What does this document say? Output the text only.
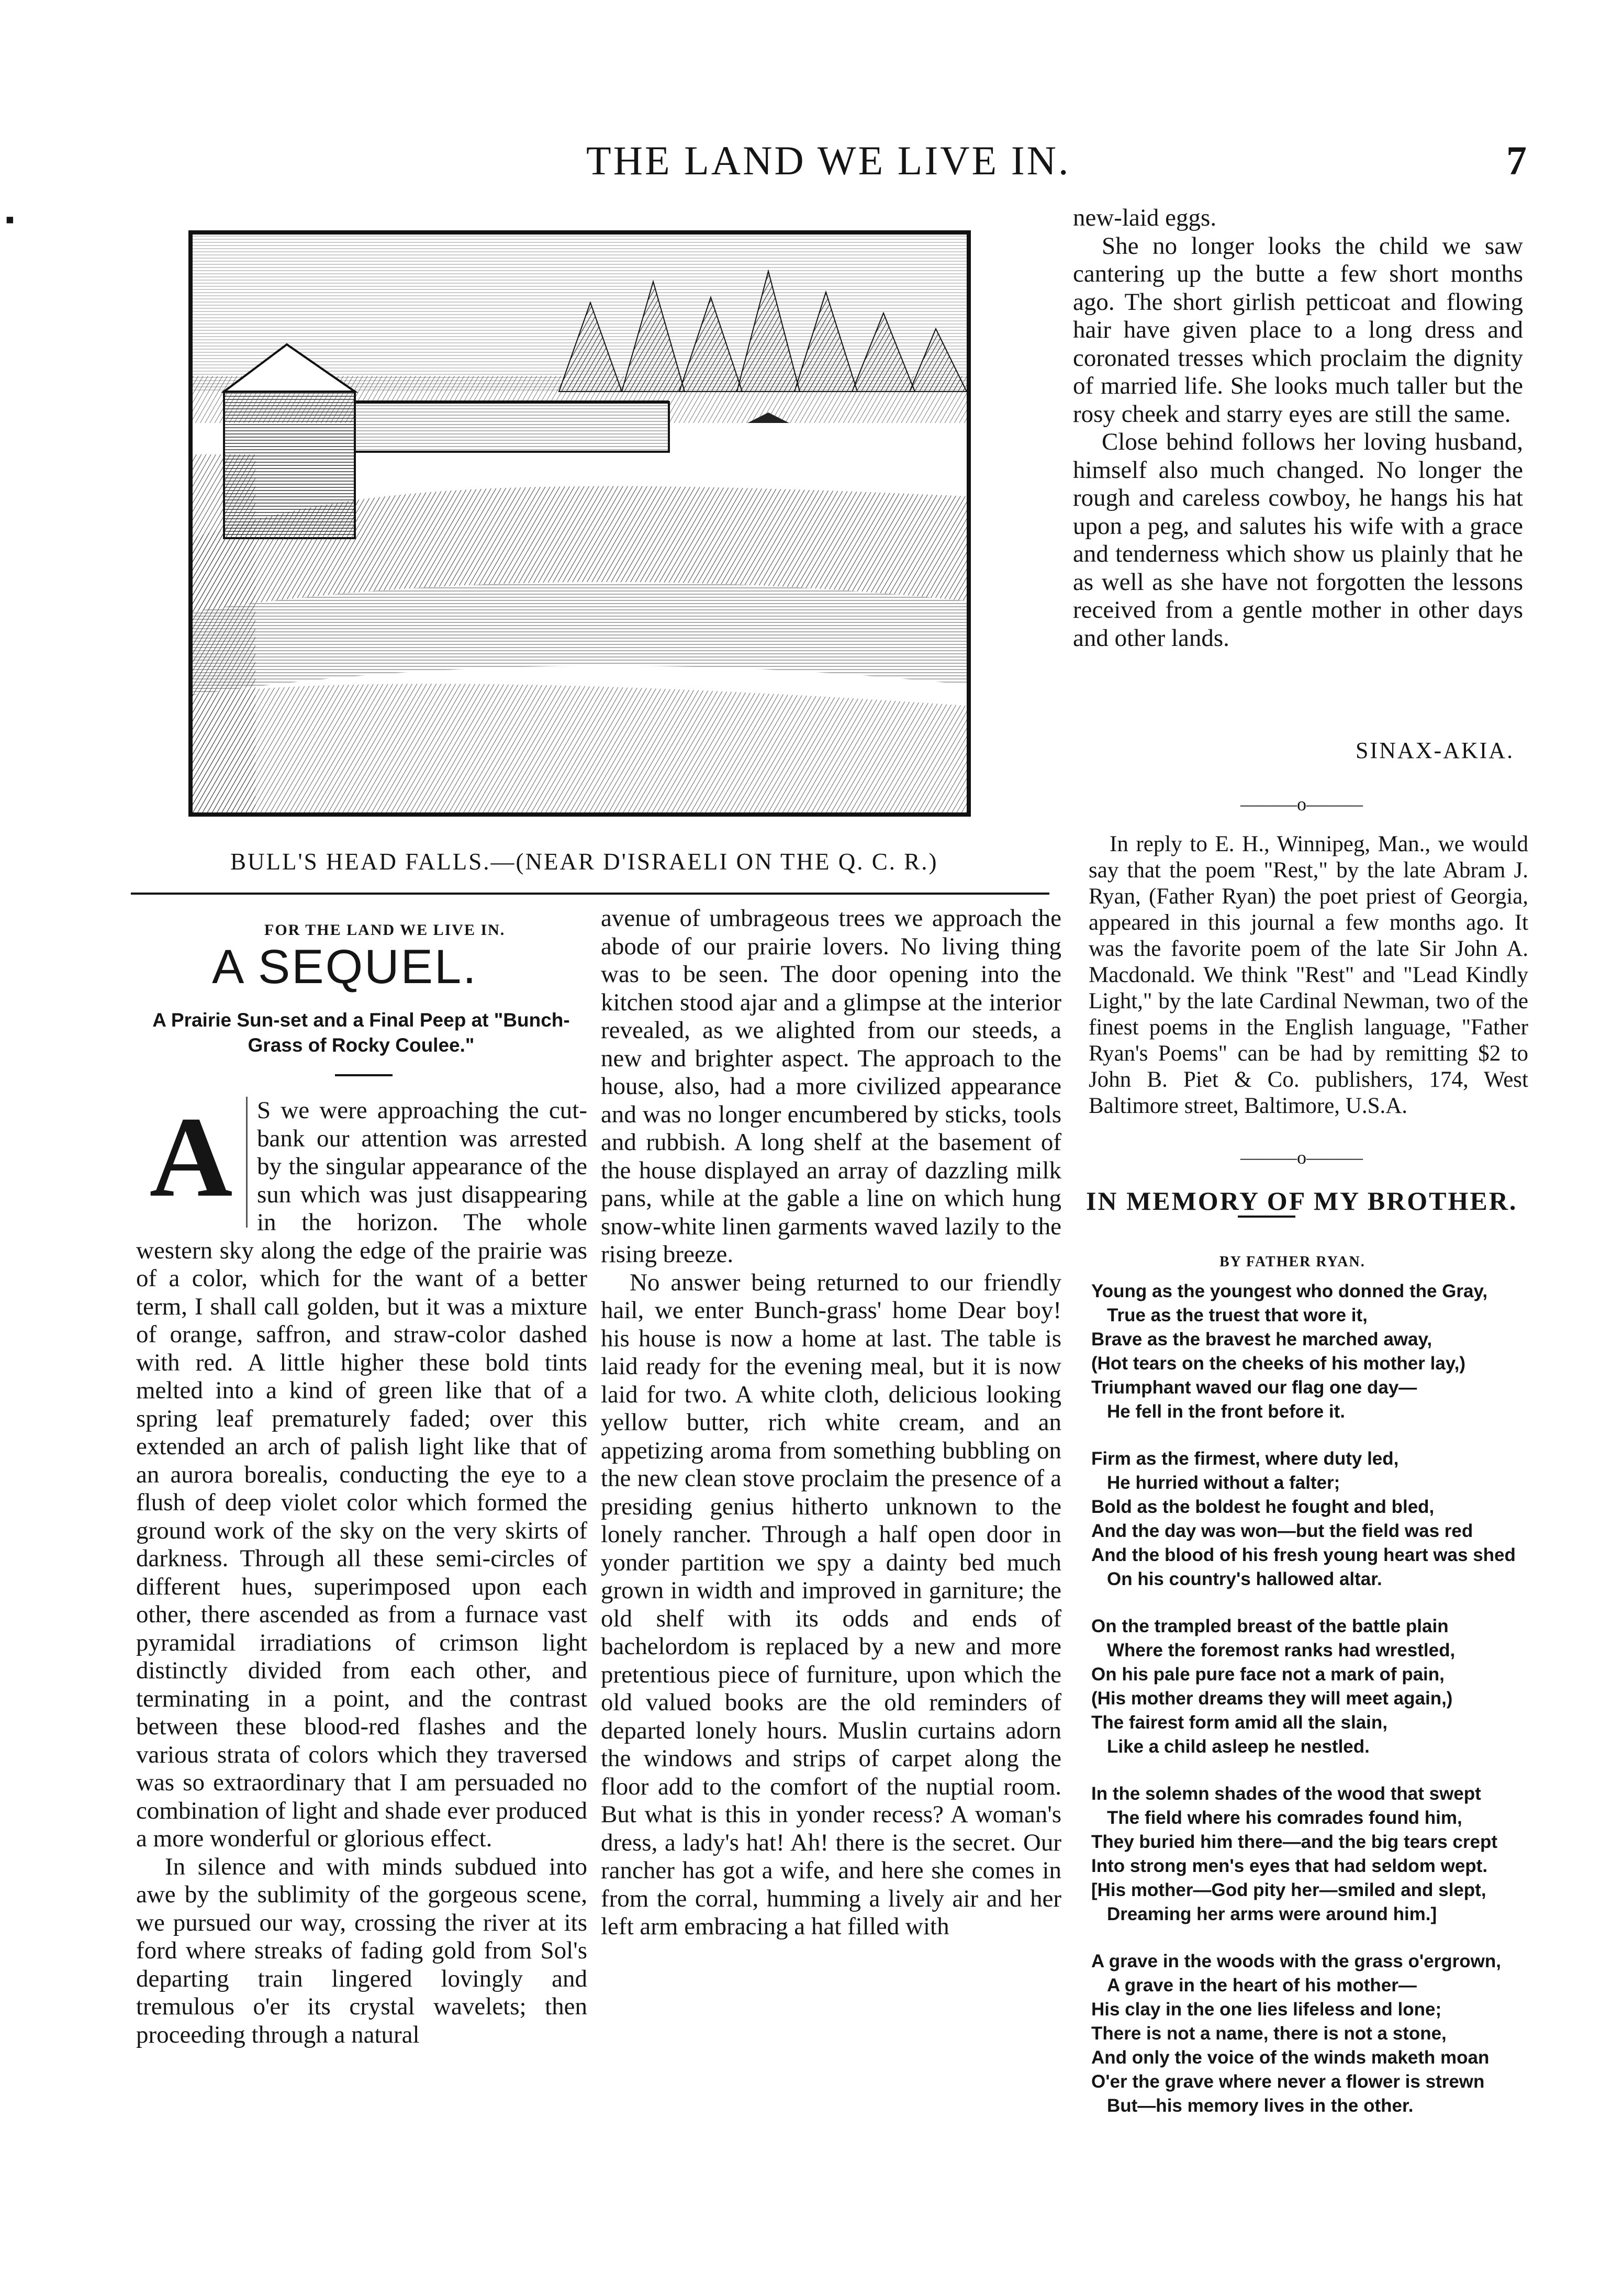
▪
THE LAND WE LIVE IN.	7
BULL'S HEAD FALLS.—(NEAR D'ISRAELI ON THE Q. C. R.)
FOR THE LAND WE LIVE IN.
A SEQUEL.
A Prairie Sun-set and a Final Peep at "Bunch-Grass of Rocky Coulee."
A S we were approaching the cut-bank our attention was arrested by the singular appearance of the sun which was just disappearing in the horizon. The whole western sky along the edge of the prairie was of a color, which for the want of a better term, I shall call golden, but it was a mixture of orange, saffron, and straw-color dashed with red. A little higher these bold tints melted into a kind of green like that of a spring leaf prematurely faded; over this extended an arch of palish light like that of an aurora borealis, conducting the eye to a flush of deep violet color which formed the ground work of the sky on the very skirts of darkness. Through all these semi-circles of different hues, superimposed upon each other, there ascended as from a furnace vast pyramidal irradiations of crimson light distinctly divided from each other, and terminating in a point, and the contrast between these blood-red flashes and the various strata of colors which they traversed was so extraordinary that I am persuaded no combination of light and shade ever produced a more wonderful or glorious effect.

In silence and with minds subdued into awe by the sublimity of the gorgeous scene, we pursued our way, crossing the river at its ford where streaks of fading gold from Sol's departing train lingered lovingly and tremulous o'er its crystal wavelets; then proceeding through a natural

avenue of umbrageous trees we approach the abode of our prairie lovers. No living thing was to be seen. The door opening into the kitchen stood ajar and a glimpse at the interior revealed, as we alighted from our steeds, a new and brighter aspect. The approach to the house, also, had a more civilized appearance and was no longer encumbered by sticks, tools and rubbish. A long shelf at the basement of the house displayed an array of dazzling milk pans, while at the gable a line on which hung snow-white linen garments waved lazily to the rising breeze.

No answer being returned to our friendly hail, we enter Bunch-grass' home Dear boy! his house is now a home at last. The table is laid ready for the evening meal, but it is now laid for two. A white cloth, delicious looking yellow butter, rich white cream, and an appetizing aroma from something bubbling on the new clean stove proclaim the presence of a presiding genius hitherto unknown to the lonely rancher. Through a half open door in yonder partition we spy a dainty bed much grown in width and improved in garniture; the old shelf with its odds and ends of bachelordom is replaced by a new and more pretentious piece of furniture, upon which the old valued books are the old reminders of departed lonely hours. Muslin curtains adorn the windows and strips of carpet along the floor add to the comfort of the nuptial room. But what is this in yonder recess? A woman's dress, a lady's hat! Ah! there is the secret. Our rancher has got a wife, and here she comes in from the corral, humming a lively air and her left arm embracing a hat filled with

new-laid eggs.

She no longer looks the child we saw cantering up the butte a few short months ago. The short girlish petticoat and flowing hair have given place to a long dress and coronated tresses which proclaim the dignity of married life. She looks much taller but the rosy cheek and starry eyes are still the same.

Close behind follows her loving husband, himself also much changed. No longer the rough and careless cowboy, he hangs his hat upon a peg, and salutes his wife with a grace and tenderness which show us plainly that he as well as she have not forgotten the lessons received from a gentle mother in other days and other lands.

SINAX-AKIA.
———o———

In reply to E. H., Winnipeg, Man., we would say that the poem "Rest," by the late Abram J. Ryan, (Father Ryan) the poet priest of Georgia, appeared in this journal a few months ago. It was the favorite poem of the late Sir John A. Macdonald. We think "Rest" and "Lead Kindly Light," by the late Cardinal Newman, two of the finest poems in the English language, "Father Ryan's Poems" can be had by remitting $2 to John B. Piet & Co. publishers, 174, West Baltimore street, Baltimore, U.S.A.

———o———
IN MEMORY OF MY BROTHER.
BY FATHER RYAN.
Young as the youngest who donned the Gray,
True as the truest that wore it,
Brave as the bravest he marched away,
(Hot tears on the cheeks of his mother lay,)
Triumphant waved our flag one day—
He fell in the front before it.
Firm as the firmest, where duty led,
He hurried without a falter;
Bold as the boldest he fought and bled,
And the day was won—but the field was red
And the blood of his fresh young heart was shed
On his country's hallowed altar.
On the trampled breast of the battle plain
Where the foremost ranks had wrestled,
On his pale pure face not a mark of pain,
(His mother dreams they will meet again,)
The fairest form amid all the slain,
Like a child asleep he nestled.
In the solemn shades of the wood that swept
The field where his comrades found him,
They buried him there—and the big tears crept
Into strong men's eyes that had seldom wept.
[His mother—God pity her—smiled and slept,
Dreaming her arms were around him.]
A grave in the woods with the grass o'ergrown,
A grave in the heart of his mother—
His clay in the one lies lifeless and lone;
There is not a name, there is not a stone,
And only the voice of the winds maketh moan
O'er the grave where never a flower is strewn
But—his memory lives in the other.
